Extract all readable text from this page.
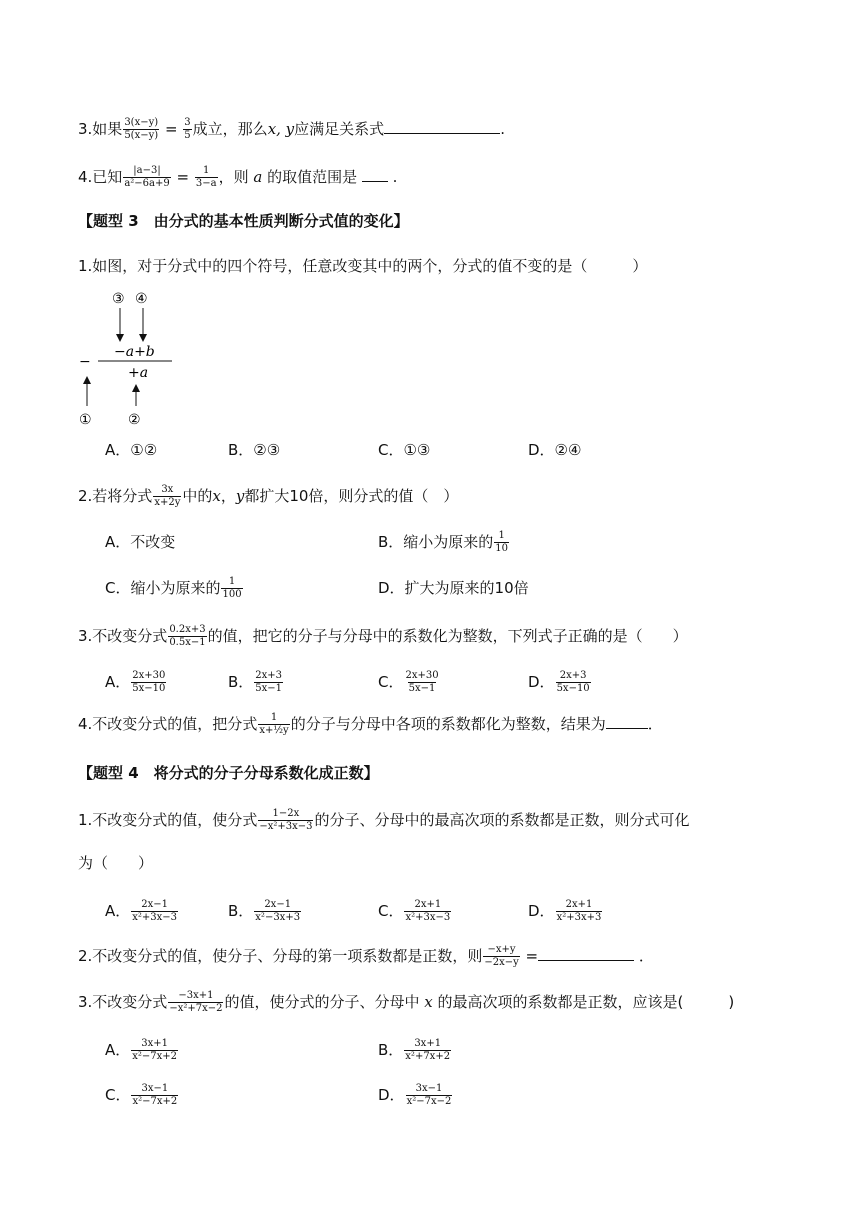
3.如果 $\frac{3(x-y)}{5(x-y)} = \frac{3}{5}$ 成立，那么x, y应满足关系式	.
4.已知 $\frac{|a-3|}{\text{a²−6a+9}} = \frac{1}{3-a}$ ，则 a 的取值范围是  .
【题型 3　由分式的基本性质判断分式值的变化】
1.如图，对于分式中的四个符号，任意改变其中的两个，分式的值不变的是（　　　）
③ ④
−
−a+b
+a
①	②
A．①②	B．②③	C．①③	D．②④
2.若将分式 $\frac{3x}{x+2y}$ 中的x，y都扩大10倍，则分式的值（　）
A．不改变	B．缩小为原来的 $\frac{1}{10}$
C．缩小为原来的 $\frac{1}{100}$	D．扩大为原来的10倍
3.不改变分式 $\frac{0.2x+3}{0.5x-1}$ 的值，把它的分子与分母中的系数化为整数，下列式子正确的是（　　）
A． $\frac{2x+30}{5x-10}$	B． $\frac{2x+3}{5x-1}$	C． $\frac{2x+30}{5x-1}$	D． $\frac{2x+3}{5x-10}$
4.不改变分式的值，把分式 $\frac{1}{\text{x+½y}}$ 的分子与分母中各项的系数都化为整数，结果为	．
【题型 4　将分式的分子分母系数化成正数】
1.不改变分式的值，使分式 $\frac{1-2x}{\text{−x²+3x−3}}$ 的分子、分母中的最高次项的系数都是正数，则分式可化
为（　　）
A． $\frac{2x-1}{\text{x²+3x−3}}$	B． $\frac{2x-1}{\text{x²−3x+3}}$	C． $\frac{2x+1}{\text{x²+3x−3}}$	D． $\frac{2x+1}{\text{x²+3x+3}}$
2.不改变分式的值，使分子、分母的第一项系数都是正数，则 $\frac{-x+y}{-2x-y}$ =	．
3.不改变分式 $\frac{-3x+1}{\text{−x²+7x−2}}$ 的值，使分式的分子、分母中 x 的最高次项的系数都是正数，应该是(　　　)
A． $\frac{3x+1}{\text{x²−7x+2}}$	B． $\frac{3x+1}{\text{x²+7x+2}}$
C． $\frac{3x-1}{\text{x²−7x+2}}$	D． $\frac{3x-1}{\text{x²−7x−2}}$
